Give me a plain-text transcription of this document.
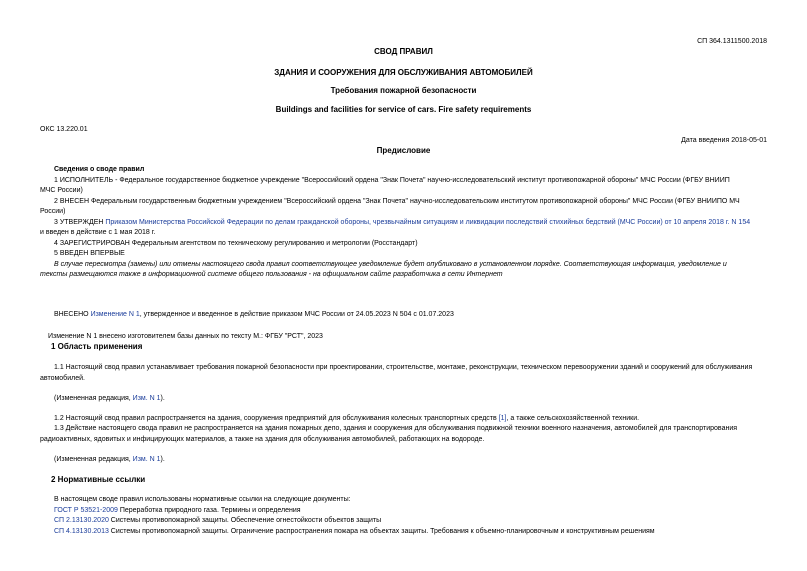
СП 364.1311500.2018
СВОД ПРАВИЛ
ЗДАНИЯ И СООРУЖЕНИЯ ДЛЯ ОБСЛУЖИВАНИЯ АВТОМОБИЛЕЙ
Требования пожарной безопасности
Buildings and facilities for service of cars. Fire safety requirements
ОКС 13.220.01
Дата введения 2018-05-01
Предисловие
Сведения о своде правил
1 ИСПОЛНИТЕЛЬ - Федеральное государственное бюджетное учреждение "Всероссийский ордена "Знак Почета" научно-исследовательский институт противопожарной обороны" МЧС России (ФГБУ ВНИИП
МЧС России)
2 ВНЕСЕН Федеральным государственным бюджетным учреждением "Всероссийский ордена "Знак Почета" научно-исследовательским институтом противопожарной обороны" МЧС России (ФГБУ ВНИИПО МЧ
России)
3 УТВЕРЖДЕН Приказом Министерства Российской Федерации по делам гражданской обороны, чрезвычайным ситуациям и ликвидации последствий стихийных бедствий (МЧС России) от 10 апреля 2018 г. N 154
и введен в действие с 1 мая 2018 г.
4 ЗАРЕГИСТРИРОВАН Федеральным агентством по техническому регулированию и метрологии (Росстандарт)
5 ВВЕДЕН ВПЕРВЫЕ
В случае пересмотра (замены) или отмены настоящего свода правил соответствующее уведомление будет опубликовано в установленном порядке. Соответствующая информация, уведомление и
тексты размещаются также в информационной системе общего пользования - на официальном сайте разработчика в сети Интернет
ВНЕСЕНО Изменение N 1, утвержденное и введенное в действие приказом МЧС России от 24.05.2023 N 504 с 01.07.2023
Изменение N 1 внесено изготовителем базы данных по тексту М.: ФГБУ "РСТ", 2023
1 Область применения
1.1 Настоящий свод правил устанавливает требования пожарной безопасности при проектировании, строительстве, монтаже, реконструкции, техническом перевооружении зданий и сооружений для обслуживания
автомобилей.
(Измененная редакция, Изм. N 1).
1.2 Настоящий свод правил распространяется на здания, сооружения предприятий для обслуживания колесных транспортных средств [1], а также сельскохозяйственной техники.
1.3 Действие настоящего свода правил не распространяется на здания пожарных депо, здания и сооружения для обслуживания подвижной техники военного назначения, автомобилей для транспортирования
радиоактивных, ядовитых и инфицирующих материалов, а также на здания для обслуживания автомобилей, работающих на водороде.
(Измененная редакция, Изм. N 1).
2 Нормативные ссылки
В настоящем своде правил использованы нормативные ссылки на следующие документы:
ГОСТ Р 53521-2009 Переработка природного газа. Термины и определения
СП 2.13130.2020 Системы противопожарной защиты. Обеспечение огнестойкости объектов защиты
СП 4.13130.2013 Системы противопожарной защиты. Ограничение распространения пожара на объектах защиты. Требования к объемно-планировочным и конструктивным решениям
